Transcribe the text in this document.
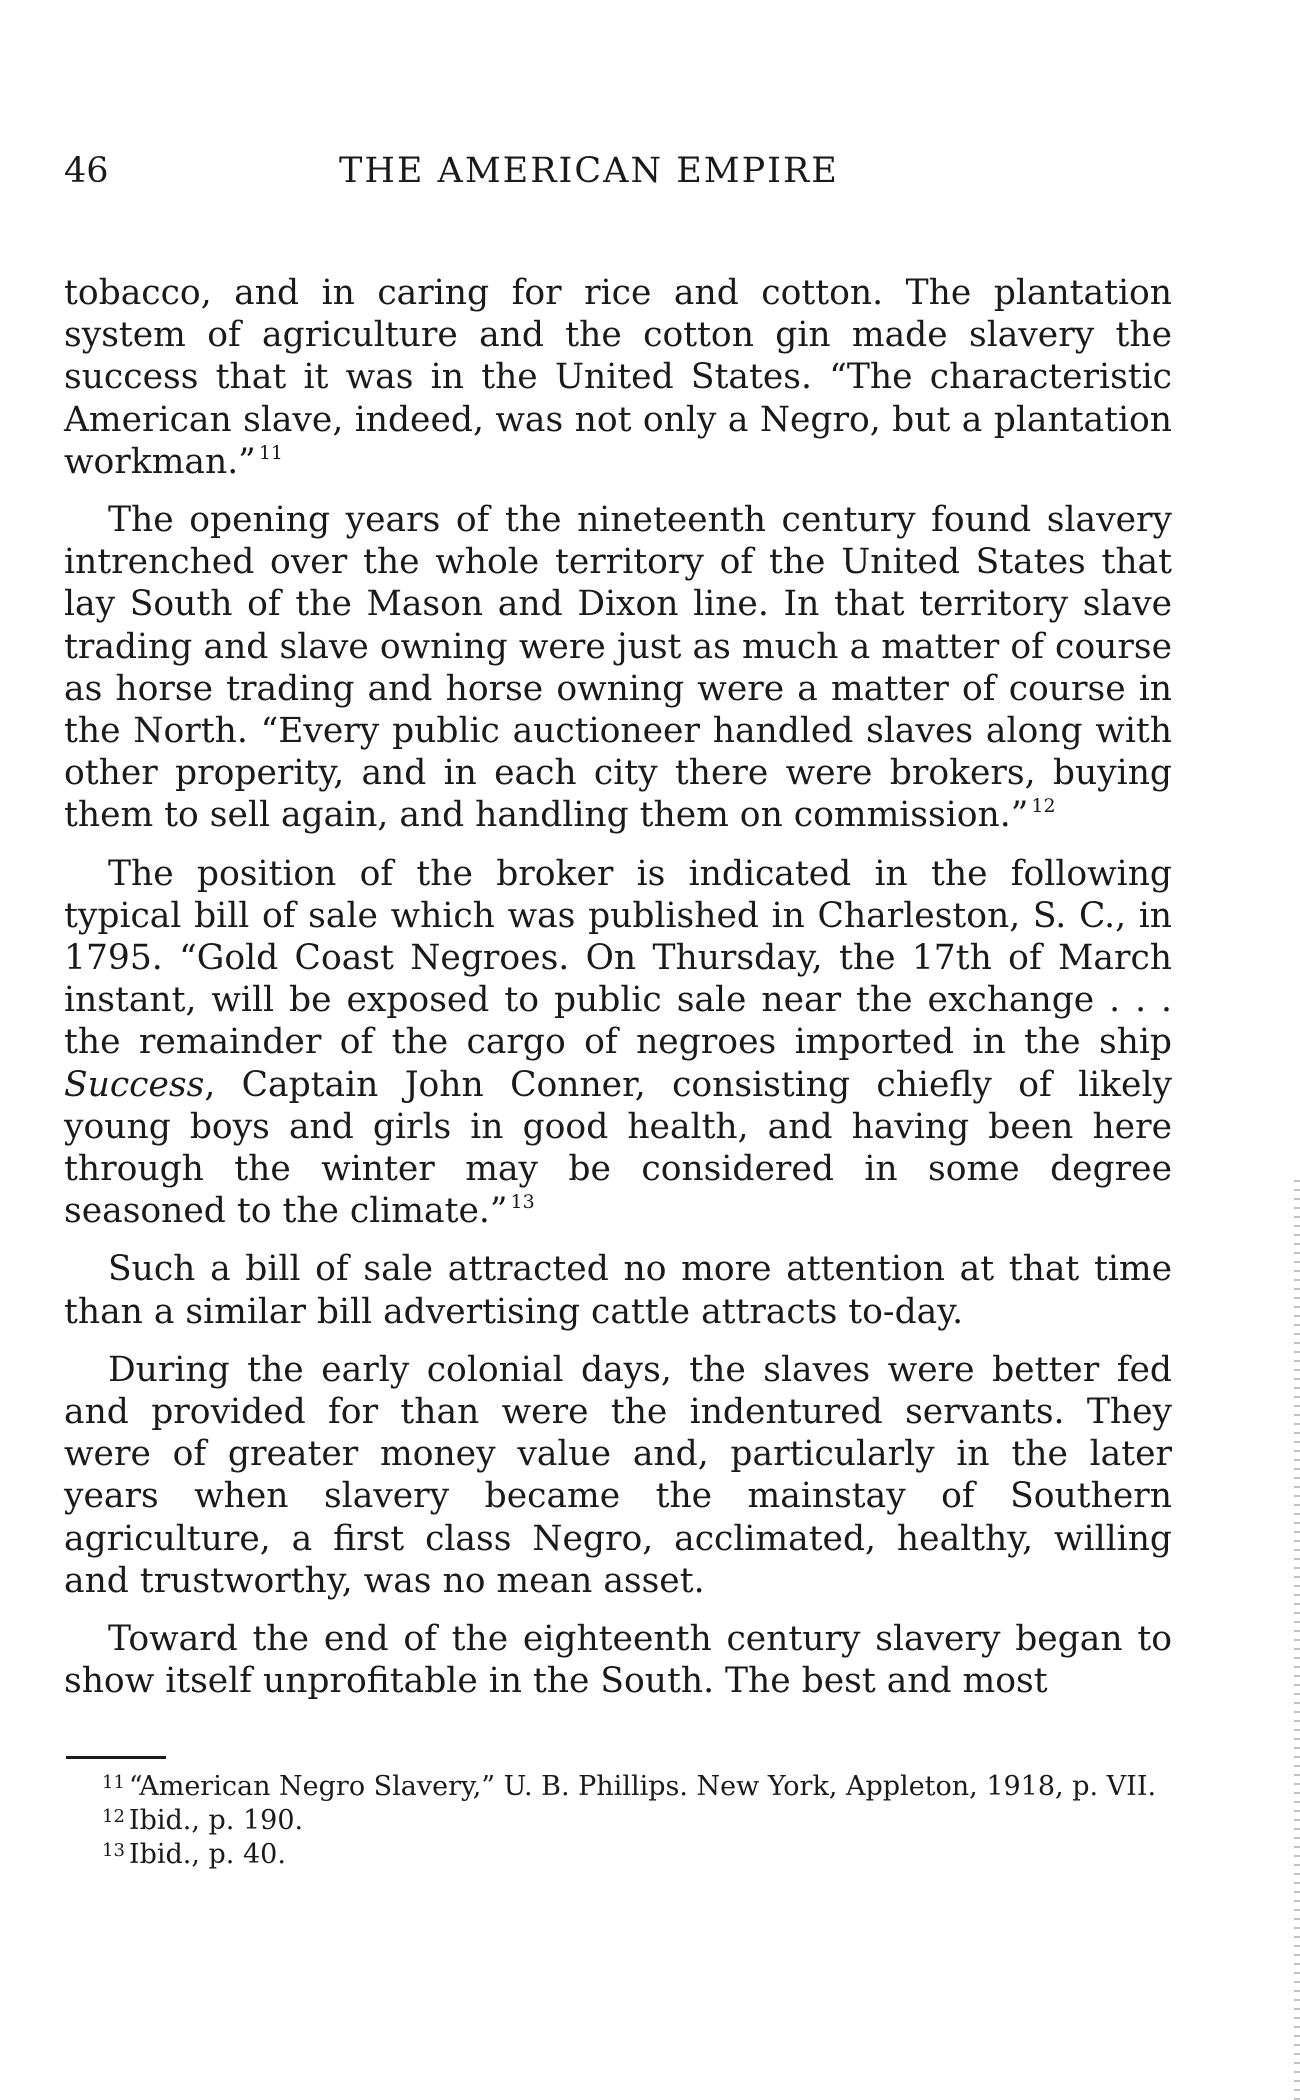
46	THE AMERICAN EMPIRE

tobacco, and in caring for rice and cotton. The plantation system of agriculture and the cotton gin made slavery the success that it was in the United States. “The characteristic American slave, indeed, was not only a Negro, but a plantation workman.” $^{11}$

The opening years of the nineteenth century found slavery intrenched over the whole territory of the United States that lay South of the Mason and Dixon line. In that territory slave trading and slave owning were just as much a matter of course as horse trading and horse owning were a matter of course in the North. “Every public auctioneer handled slaves along with other properity, and in each city there were brokers, buying them to sell again, and handling them on commission.” $^{12}$

The position of the broker is indicated in the following typical bill of sale which was published in Charleston, S. C., in 1795. “Gold Coast Negroes. On Thursday, the 17th of March instant, will be exposed to public sale near the exchange . . . the remainder of the cargo of negroes imported in the ship Success, Captain John Conner, consisting chiefly of likely young boys and girls in good health, and having been here through the winter may be considered in some degree seasoned to the climate.” $^{13}$

Such a bill of sale attracted no more attention at that time than a similar bill advertising cattle attracts to-day.

During the early colonial days, the slaves were better fed and provided for than were the indentured servants. They were of greater money value and, particularly in the later years when slavery became the mainstay of Southern agriculture, a first class Negro, acclimated, healthy, willing and trustworthy, was no mean asset.

Toward the end of the eighteenth century slavery began to show itself unprofitable in the South. The best and most

$^{11}$ “American Negro Slavery,” U. B. Phillips. New York, Appleton, 1918, p. VII.

$^{12}$ Ibid., p. 190.

$^{13}$ Ibid., p. 40.
